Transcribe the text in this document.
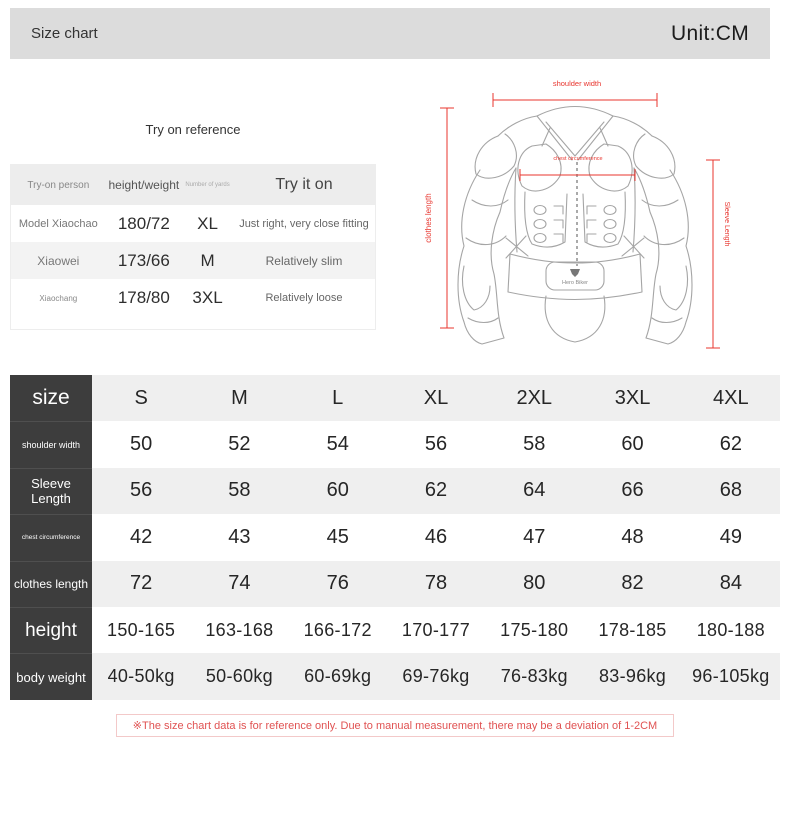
Size chart	Unit:CM
Try on reference
Try-on person	height/weight	Number of yards	Try it on
Model Xiaochao	180/72	XL	Just right, very close fitting
Xiaowei	173/66	M	Relatively slim
Xiaochang	178/80	3XL	Relatively loose
Hero Biker
shoulder width
clothes length	Sleeve Length
chest circumference
size	S	M	L	XL	2XL	3XL	4XL
shoulder width	50	52	54	56	58	60	62
Sleeve Length	56	58	60	62	64	66	68
chest circumference	42	43	45	46	47	48	49
clothes length	72	74	76	78	80	82	84
height	150-165	163-168	166-172	170-177	175-180	178-185	180-188
body weight	40-50kg	50-60kg	60-69kg	69-76kg	76-83kg	83-96kg	96-105kg
※The size chart data is for reference only. Due to manual measurement, there may be a deviation of 1-2CM
